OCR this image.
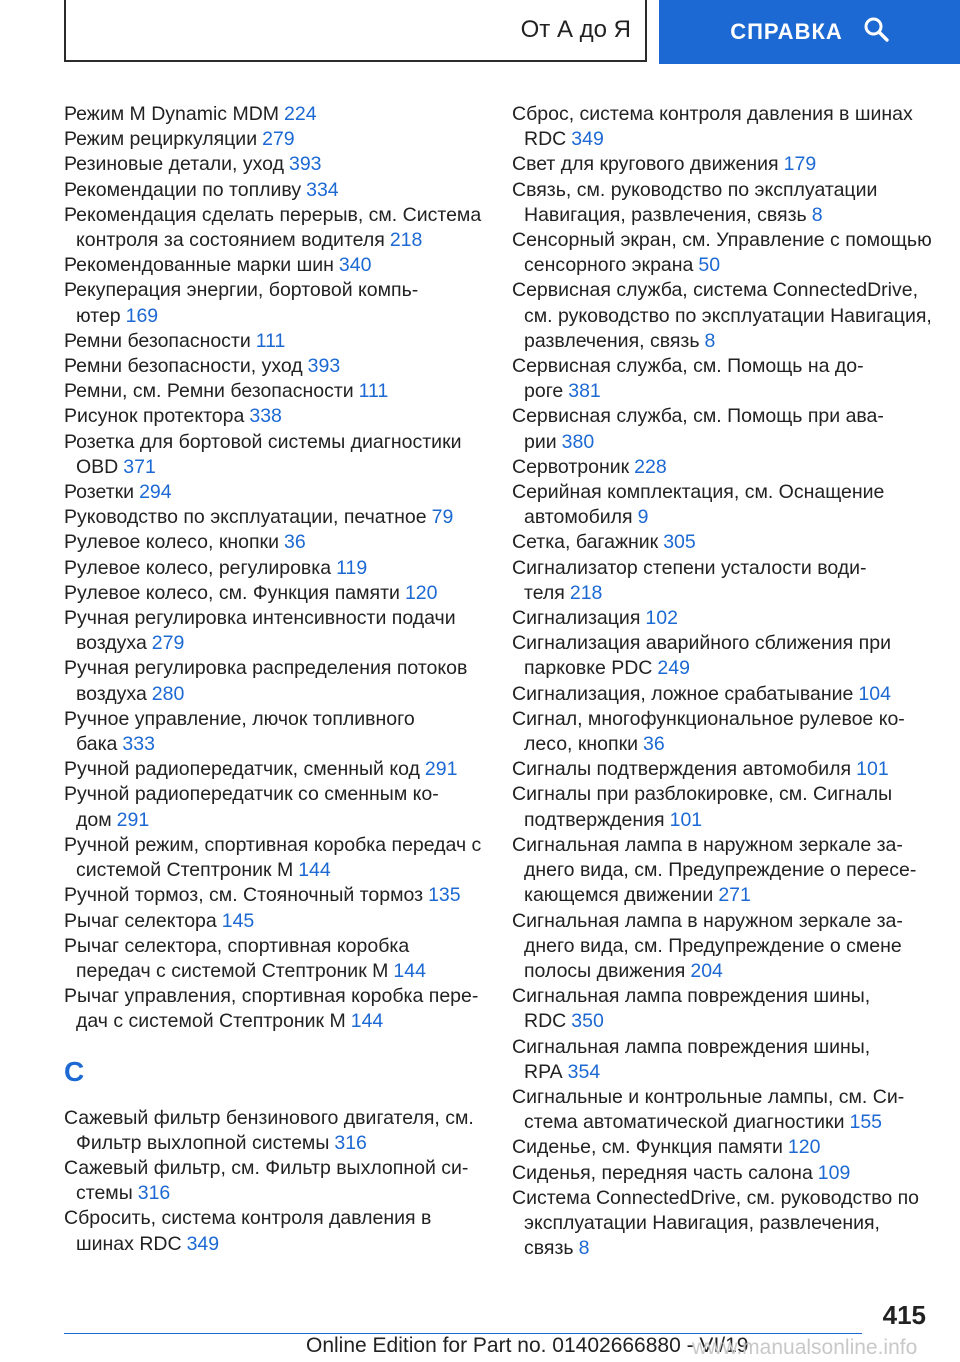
От А до Я	СПРАВКА

Режим M Dynamic MDM 224

Режим рециркуляции 279

Резиновые детали, уход 393

Рекомендации по топливу 334

Рекомендация сделать перерыв, см. Система контроля за состоянием водителя 218

Рекомендованные марки шин 340

Рекуперация энергии, бортовой компьютер 169

Ремни безопасности 111

Ремни безопасности, уход 393

Ремни, см. Ремни безопасности 111

Рисунок протектора 338

Розетка для бортовой системы диагностики OBD 371

Розетки 294

Руководство по эксплуатации, печатное 79

Рулевое колесо, кнопки 36

Рулевое колесо, регулировка 119

Рулевое колесо, см. Функция памяти 120

Ручная регулировка интенсивности подачи воздуха 279

Ручная регулировка распределения потоков воздуха 280

Ручное управление, лючок топливного бака 333

Ручной радиопередатчик, сменный код 291

Ручной радиопередатчик со сменным кодом 291

Ручной режим, спортивная коробка передач с системой Стептроник M 144

Ручной тормоз, см. Стояночный тормоз 135

Рычаг селектора 145

Рычаг селектора, спортивная коробка передач с системой Стептроник M 144

Рычаг управления, спортивная коробка передач с системой Стептроник M 144

С

Сажевый фильтр бензинового двигателя, см. Фильтр выхлопной системы 316

Сажевый фильтр, см. Фильтр выхлопной системы 316

Сбросить, система контроля давления в шинах RDC 349

Сброс, система контроля давления в шинах RDC 349

Свет для кругового движения 179

Связь, см. руководство по эксплуатации Навигация, развлечения, связь 8

Сенсорный экран, см. Управление с помощью сенсорного экрана 50

Сервисная служба, система ConnectedDrive, см. руководство по эксплуатации Навигация, развлечения, связь 8

Сервисная служба, см. Помощь на дороге 381

Сервисная служба, см. Помощь при аварии 380

Сервотроник 228

Серийная комплектация, см. Оснащение автомобиля 9

Сетка, багажник 305

Сигнализатор степени усталости водителя 218

Сигнализация 102

Сигнализация аварийного сближения при парковке PDC 249

Сигнализация, ложное срабатывание 104

Сигнал, многофункциональное рулевое колесо, кнопки 36

Сигналы подтверждения автомобиля 101

Сигналы при разблокировке, см. Сигналы подтверждения 101

Сигнальная лампа в наружном зеркале заднего вида, см. Предупреждение о пересекающемся движении 271

Сигнальная лампа в наружном зеркале заднего вида, см. Предупреждение о смене полосы движения 204

Сигнальная лампа повреждения шины, RDC 350

Сигнальная лампа повреждения шины, RPA 354

Сигнальные и контрольные лампы, см. Система автоматической диагностики 155

Сиденье, см. Функция памяти 120

Сиденья, передняя часть салона 109

Система ConnectedDrive, см. руководство по эксплуатации Навигация, развлечения, связь 8

415
Online Edition for Part no. 01402666880 - VI/19
www.manualsonline.info
